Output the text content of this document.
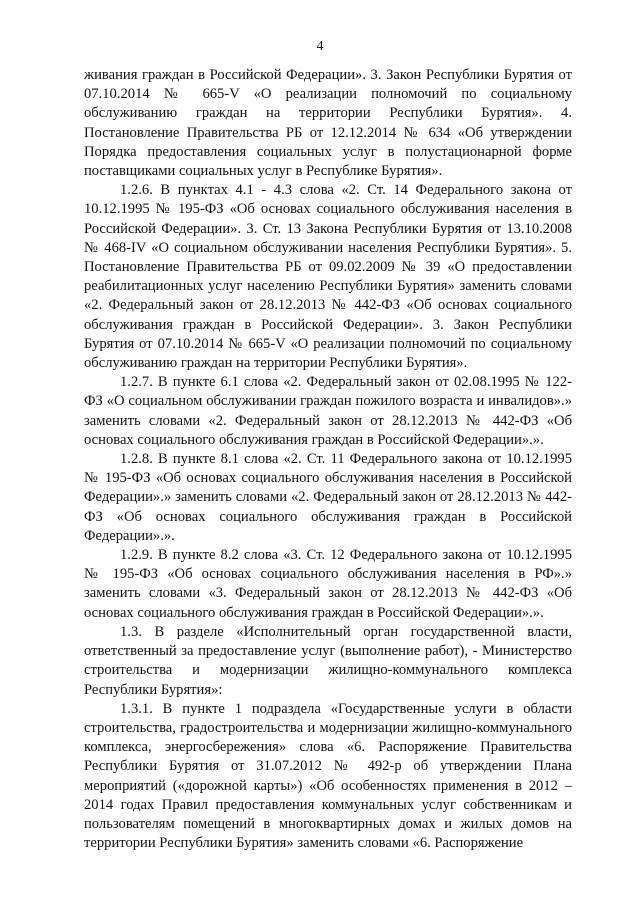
4

живания граждан в Российской Федерации». 3. Закон Республики Бурятия от 07.10.2014 № 665-V «О реализации полномочий по социальному обслуживанию граждан на территории Республики Бурятия». 4. Постановление Правительства РБ от 12.12.2014 № 634 «Об утверждении Порядка предоставления социальных услуг в полустационарной форме поставщиками социальных услуг в Республике Бурятия».

1.2.6. В пунктах 4.1 - 4.3 слова «2. Ст. 14 Федерального закона от 10.12.1995 № 195-ФЗ «Об основах социального обслуживания населения в Российской Федерации». 3. Ст. 13 Закона Республики Бурятия от 13.10.2008 № 468-IV «О социальном обслуживании населения Республики Бурятия». 5. Постановление Правительства РБ от 09.02.2009 № 39 «О предоставлении реабилитационных услуг населению Республики Бурятия» заменить словами «2. Федеральный закон от 28.12.2013 № 442-ФЗ «Об основах социального обслуживания граждан в Российской Федерации». 3. Закон Республики Бурятия от 07.10.2014 № 665-V «О реализации полномочий по социальному обслуживанию граждан на территории Республики Бурятия».

1.2.7. В пункте 6.1 слова «2. Федеральный закон от 02.08.1995 № 122-ФЗ «О социальном обслуживании граждан пожилого возраста и инвалидов».» заменить словами «2. Федеральный закон от 28.12.2013 № 442-ФЗ «Об основах социального обслуживания граждан в Российской Федерации».».

1.2.8. В пункте 8.1 слова «2. Ст. 11 Федерального закона от 10.12.1995 № 195-ФЗ «Об основах социального обслуживания населения в Российской Федерации».» заменить словами «2. Федеральный закон от 28.12.2013 № 442-ФЗ «Об основах социального обслуживания граждан в Российской Федерации».».

1.2.9. В пункте 8.2 слова «3. Ст. 12 Федерального закона от 10.12.1995 № 195-ФЗ «Об основах социального обслуживания населения в РФ».» заменить словами «3. Федеральный закон от 28.12.2013 № 442-ФЗ «Об основах социального обслуживания граждан в Российской Федерации».».

1.3. В разделе «Исполнительный орган государственной власти, ответственный за предоставление услуг (выполнение работ), - Министерство строительства и модернизации жилищно-коммунального комплекса Республики Бурятия»:

1.3.1. В пункте 1 подраздела «Государственные услуги в области строительства, градостроительства и модернизации жилищно-коммунального комплекса, энергосбережения» слова «6. Распоряжение Правительства Республики Бурятия от 31.07.2012 № 492-р об утверждении Плана мероприятий («дорожной карты») «Об особенностях применения в 2012 – 2014 годах Правил предоставления коммунальных услуг собственникам и пользователям помещений в многоквартирных домах и жилых домов на территории Республики Бурятия» заменить словами «6. Распоряжение
